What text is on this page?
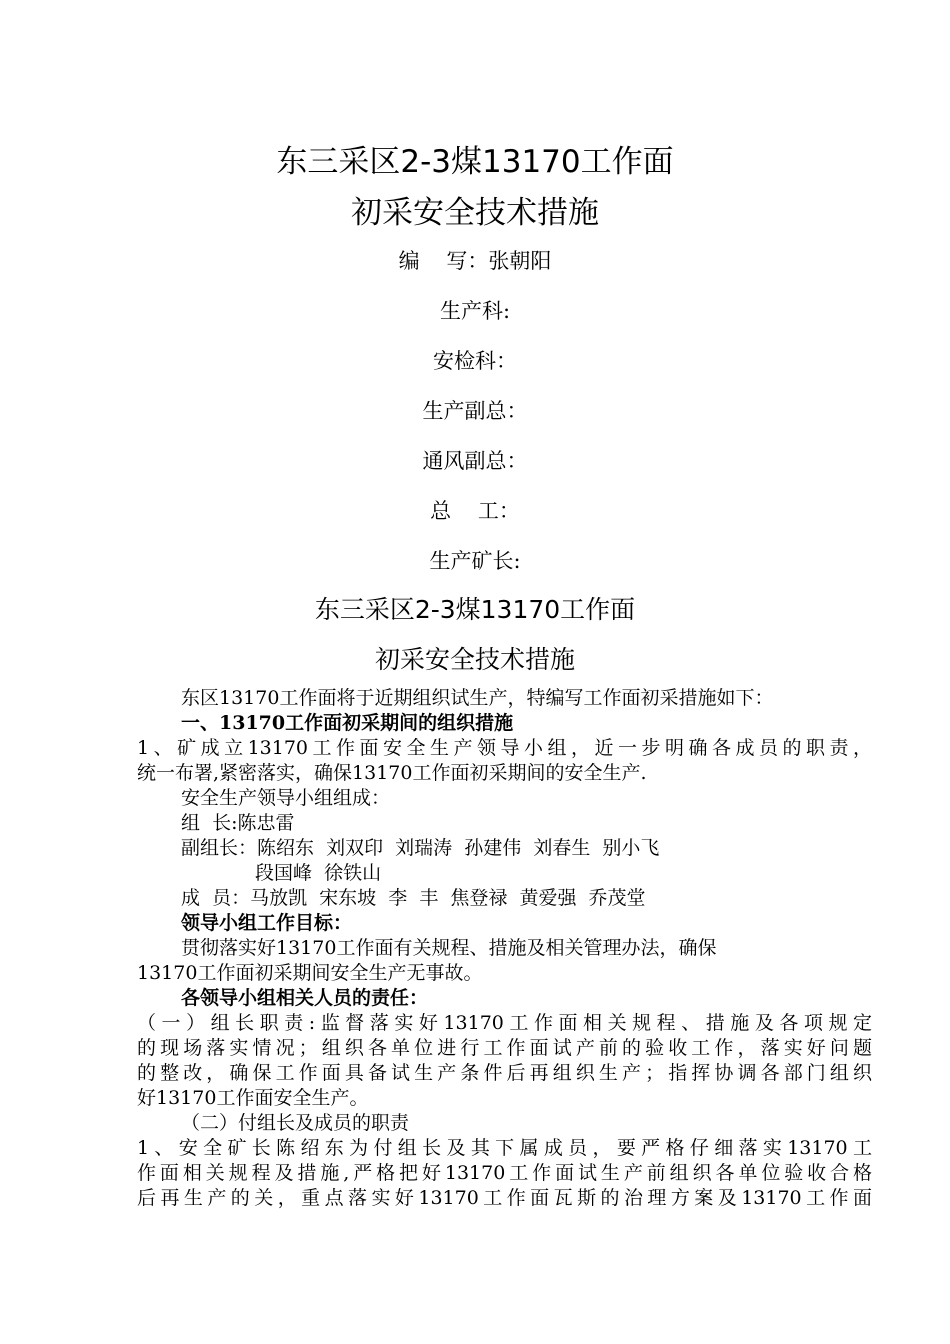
东三采区2-3煤13170工作面
初采安全技术措施
编    写：张朝阳
生产科:
安检科：
生产副总：
通风副总：
总    工：
生产矿长:
东三采区2-3煤13170工作面
初采安全技术措施
东区13170工作面将于近期组织试生产，特编写工作面初采措施如下：
一、13170工作面初采期间的组织措施
1、矿成立13170工作面安全生产领导小组，近一步明确各成员的职责，
统一布署,紧密落实，确保13170工作面初采期间的安全生产.
安全生产领导小组组成：
组  长:陈忠雷
副组长：陈绍东  刘双印  刘瑞涛  孙建伟  刘春生  别小飞
段国峰  徐铁山
成  员：马放凯  宋东坡  李  丰  焦登禄  黄爱强  乔茂堂
领导小组工作目标：
贯彻落实好13170工作面有关规程、措施及相关管理办法，确保
13170工作面初采期间安全生产无事故。
各领导小组相关人员的责任：
（一）组长职责:监督落实好13170工作面相关规程、措施及各项规定
的现场落实情况；组织各单位进行工作面试产前的验收工作，落实好问题
的整改，确保工作面具备试生产条件后再组织生产；指挥协调各部门组织
好13170工作面安全生产。
（二）付组长及成员的职责
1、安全矿长陈绍东为付组长及其下属成员，要严格仔细落实13170工
作面相关规程及措施,严格把好13170工作面试生产前组织各单位验收合格
后再生产的关，重点落实好13170工作面瓦斯的治理方案及13170工作面
